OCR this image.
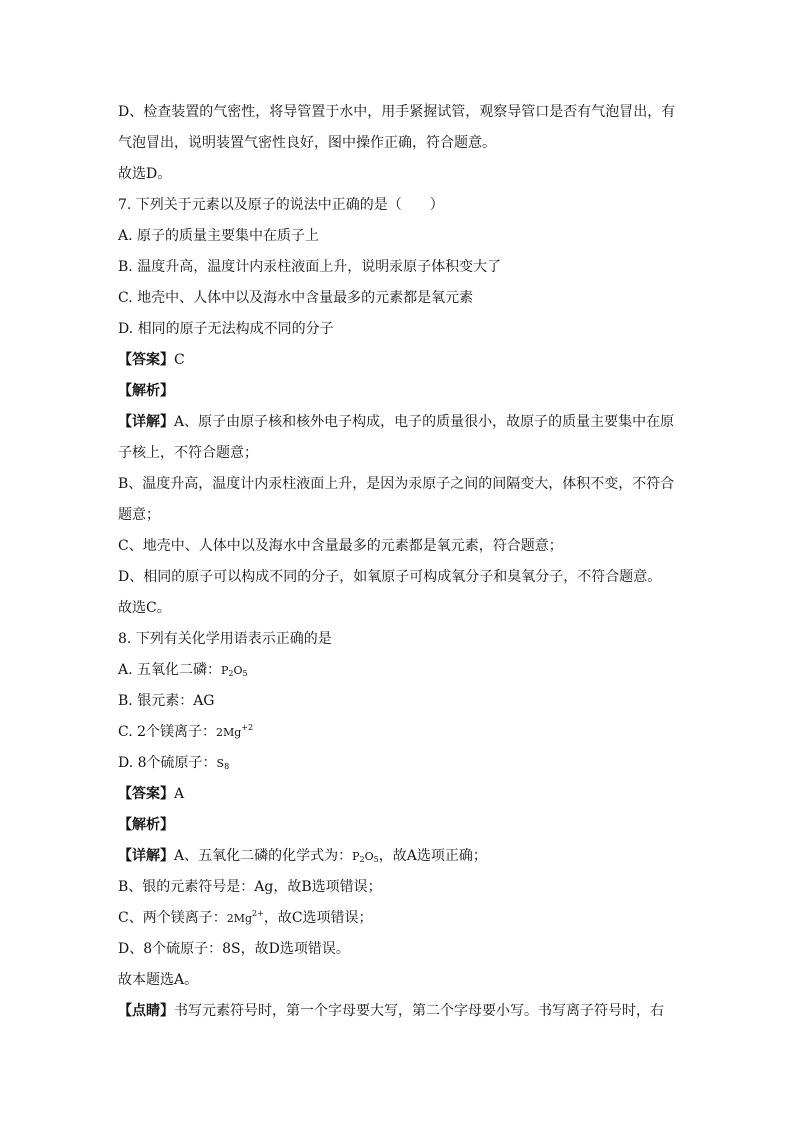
D、检查装置的气密性，将导管置于水中，用手紧握试管，观察导管口是否有气泡冒出，有
气泡冒出，说明装置气密性良好，图中操作正确，符合题意。
故选D。
7. 下列关于元素以及原子的说法中正确的是（　　）
A. 原子的质量主要集中在质子上
B. 温度升高，温度计内汞柱液面上升，说明汞原子体积变大了
C. 地壳中、人体中以及海水中含量最多的元素都是氧元素
D. 相同的原子无法构成不同的分子
【答案】C
【解析】
【详解】A、原子由原子核和核外电子构成，电子的质量很小，故原子的质量主要集中在原
子核上，不符合题意；
B、温度升高，温度计内汞柱液面上升，是因为汞原子之间的间隔变大，体积不变，不符合
题意；
C、地壳中、人体中以及海水中含量最多的元素都是氧元素，符合题意；
D、相同的原子可以构成不同的分子，如氧原子可构成氧分子和臭氧分子，不符合题意。
故选C。
8. 下列有关化学用语表示正确的是
A. 五氧化二磷：$P_2O_5$
B. 银元素：AG
C. 2个镁离子：$2Mg^{+2}$
D. 8个硫原子：$S_8$
【答案】A
【解析】
【详解】A、五氧化二磷的化学式为：$P_2O_5$，故A选项正确；
B、银的元素符号是：Ag，故B选项错误；
C、两个镁离子：$2Mg^{2+}$，故C选项错误；
D、8个硫原子：8S，故D选项错误。
故本题选A。
【点睛】书写元素符号时，第一个字母要大写，第二个字母要小写。书写离子符号时，右
